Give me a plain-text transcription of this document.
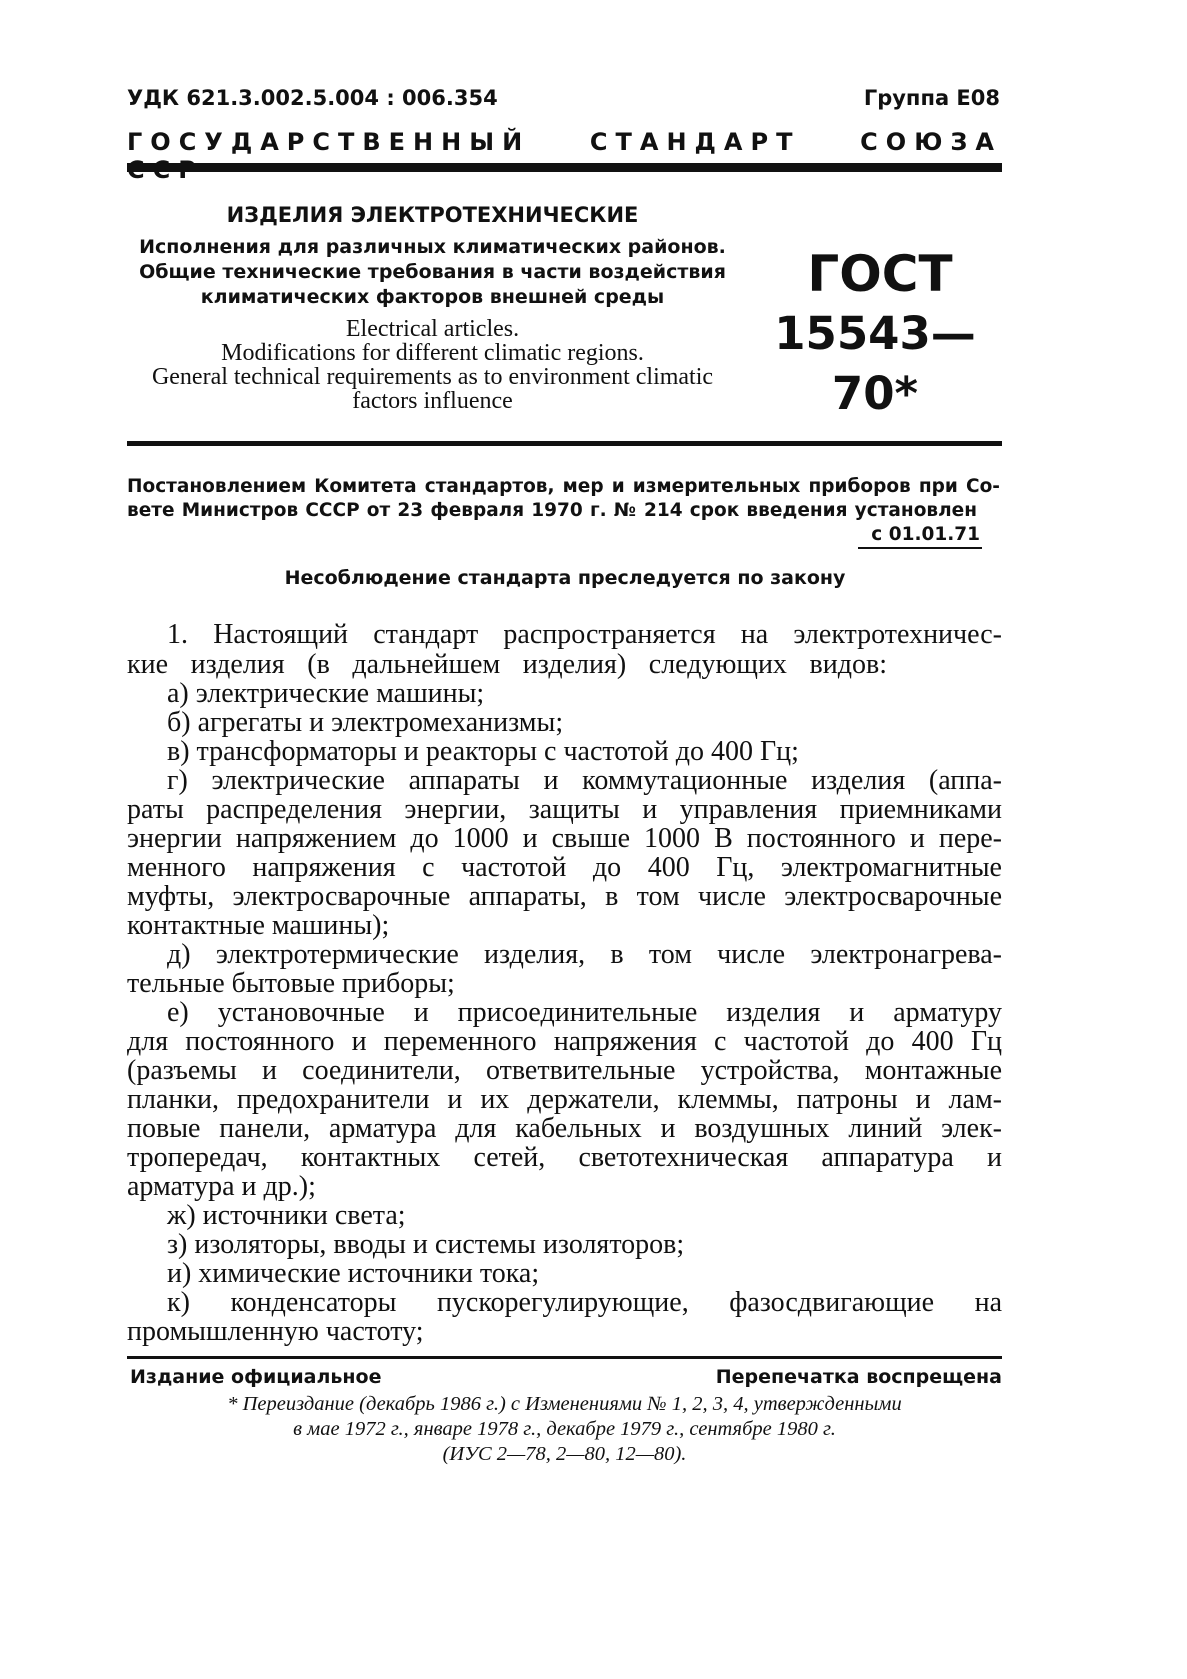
УДК 621.3.002.5.004 : 006.354	Группа Е08
ГОСУДАРСТВЕННЫЙ СТАНДАРТ СОЮЗА
ИЗДЕЛИЯ ЭЛЕКТРОТЕХНИЧЕСКИЕ
Исполнения для различных климатических районов.
Общие технические требования в части воздействия
климатических факторов внешней среды
Electrical articles.
Modifications for different climatic regions.
General technical requirements as to environment climatic
factors influence
ГОСТ
15543—70*
Постановлением Комитета стандартов, мер и измерительных приборов при Со-
вете Министров СССР от 23 февраля 1970 г. № 214 срок введения установлен
с 01.01.71
Несоблюдение стандарта преследуется по закону
1. Настоящий стандарт распространяется на электротехничес-
кие изделия (в дальнейшем изделия) следующих видов:
а) электрические машины;
б) агрегаты и электромеханизмы;
в) трансформаторы и реакторы с частотой до 400 Гц;
г) электрические аппараты и коммутационные изделия (аппа-
раты распределения энергии, защиты и управления приемниками
энергии напряжением до 1000 и свыше 1000 В постоянного и пере-
менного напряжения с частотой до 400 Гц, электромагнитные
муфты, электросварочные аппараты, в том числе электросварочные
контактные машины);
д) электротермические изделия, в том числе электронагрева-
тельные бытовые приборы;
е) установочные и присоединительные изделия и арматуру
для постоянного и переменного напряжения с частотой до 400 Гц
(разъемы и соединители, ответвительные устройства, монтажные
планки, предохранители и их держатели, клеммы, патроны и лам-
повые панели, арматура для кабельных и воздушных линий элек-
тропередач, контактных сетей, светотехническая аппаратура и
арматура и др.);
ж) источники света;
з) изоляторы, вводы и системы изоляторов;
и) химические источники тока;
к) конденсаторы пускорегулирующие, фазосдвигающие на
промышленную частоту;
Издание официальное	Перепечатка воспрещена
* Переиздание (декабрь 1986 г.) с Изменениями № 1, 2, 3, 4, утвержденными
в мае 1972 г., январе 1978 г., декабре 1979 г., сентябре 1980 г.
(ИУС 2—78, 2—80, 12—80).
